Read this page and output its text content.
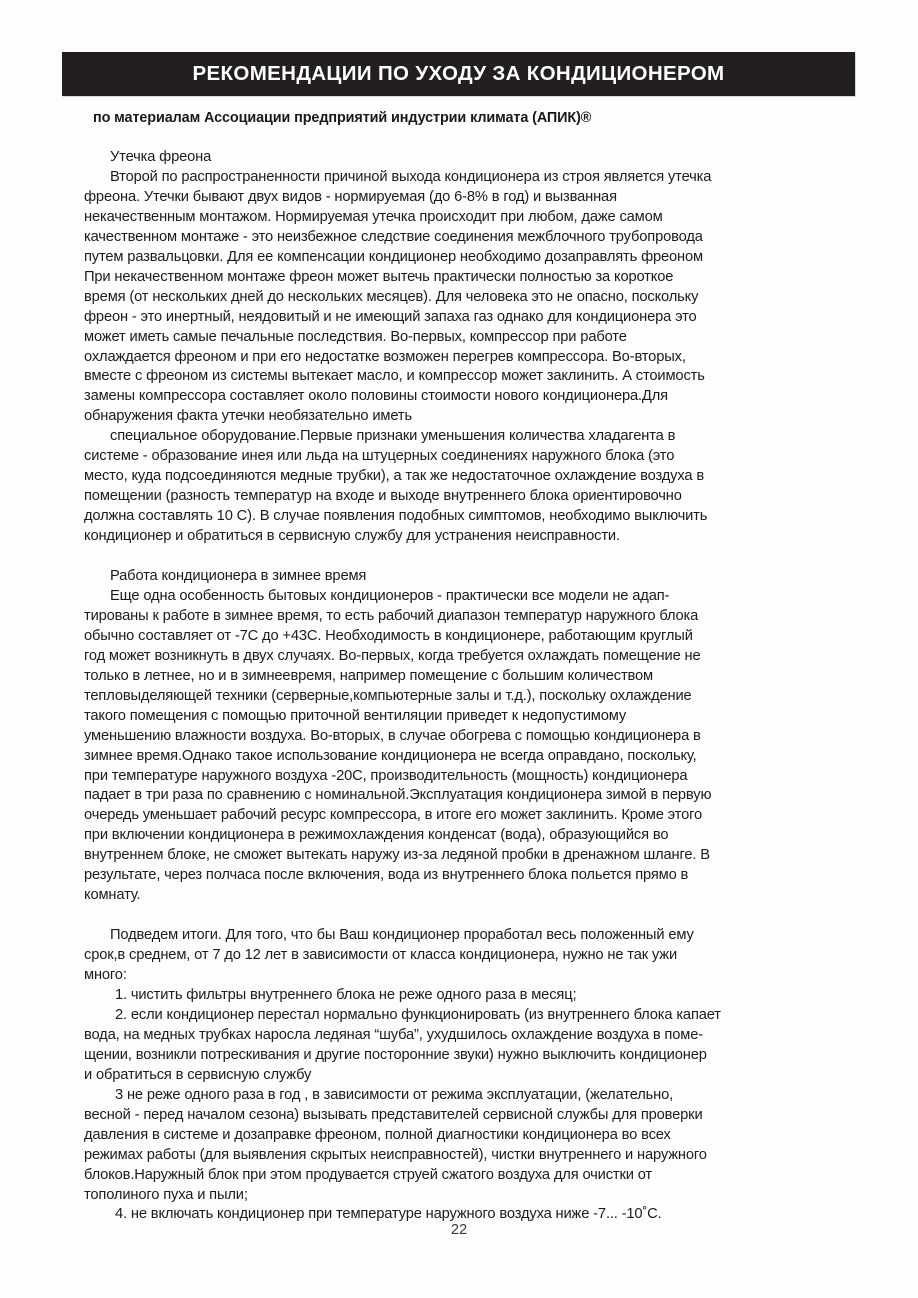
РЕКОМЕНДАЦИИ ПО УХОДУ ЗА КОНДИЦИОНЕРОМ
по материалам Ассоциации предприятий индустрии климата (АПИК)®
Утечка фреона
Второй по распространенности причиной выхода кондиционера из строя является утечка
фреона. Утечки бывают двух видов - нормируемая (до 6-8% в год) и вызванная
некачественным монтажом. Нормируемая утечка происходит при любом, даже самом
качественном монтаже - это неизбежное следствие соединения межблочного трубопровода
путем развальцовки. Для ее компенсации кондиционер необходимо дозаправлять фреоном
При некачественном монтаже фреон может вытечь практически полностью за короткое
время (от нескольких дней до нескольких месяцев). Для человека это не опасно, поскольку
фреон - это инертный, неядовитый и не имеющий запаха газ однако для кондиционера это
может иметь самые печальные последствия. Во-первых, компрессор при работе
охлаждается фреоном и при его недостатке возможен перегрев компрессора. Во-вторых,
вместе с фреоном из системы вытекает масло, и компрессор может заклинить. А стоимость
замены компрессора составляет около половины стоимости нового кондиционера.Для
обнаружения факта утечки необязательно иметь
специальное оборудование.Первые признаки уменьшения количества хладагента в
системе - образование инея или льда на штуцерных соединениях наружного блока (это
место, куда подсоединяются медные трубки), а так же недостаточное охлаждение воздуха в
помещении (разность температур на входе и выходе внутреннего блока ориентировочно
должна составлять 10 С). В случае появления подобных симптомов, необходимо выключить
кондиционер и обратиться в сервисную службу для устранения неисправности.
Работа кондиционера в зимнее время
Еще одна особенность бытовых кондиционеров - практически все модели не адап-
тированы к работе в зимнее время, то есть рабочий диапазон температур наружного блока
обычно составляет от -7С до +43С. Необходимость в кондиционере, работающим круглый
год может возникнуть в двух случаях. Во-первых, когда требуется охлаждать помещение не
только в летнее, но и в зимнеевремя, например помещение с большим количеством
тепловыделяющей техники (серверные,компьютерные залы и т.д.), поскольку охлаждение
такого помещения с помощью приточной вентиляции приведет к недопустимому
уменьшению влажности воздуха. Во-вторых, в случае обогрева с помощью кондиционера в
зимнее время.Однако такое использование кондиционера не всегда оправдано, поскольку,
при температуре наружного воздуха -20С, производительность (мощность) кондиционера
падает в три раза по сравнению с номинальной.Эксплуатация кондиционера зимой в первую
очередь уменьшает рабочий ресурс компрессора, в итоге его может заклинить. Кроме этого
при включении кондиционера в режимохлаждения конденсат (вода), образующийся во
внутреннем блоке, не сможет вытекать наружу из-за ледяной пробки в дренажном шланге. В
результате, через полчаса после включения, вода из внутреннего блока польется прямо в
комнату.
Подведем итоги. Для того, что бы Ваш кондиционер проработал весь положенный ему
срок,в среднем, от 7 до 12 лет в зависимости от класса кондиционера, нужно не так ужи
много:
1. чистить фильтры внутреннего блока не реже одного раза в месяц;
2. если кондиционер перестал нормально функционировать (из внутреннего блока капает
вода, на медных трубках наросла ледяная “шуба”, ухудшилось охлаждение воздуха в поме-
щении, возникли потрескивания и другие посторонние звуки) нужно выключить кондиционер
и обратиться в сервисную службу
3 не реже одного раза в год , в зависимости от режима эксплуатации, (желательно,
весной - перед началом сезона) вызывать представителей сервисной службы для проверки
давления в системе и дозаправке фреоном, полной диагностики кондиционера во всех
режимах работы (для выявления скрытых неисправностей), чистки внутреннего и наружного
блоков.Наружный блок при этом продувается струей сжатого воздуха для очистки от
тополиного пуха и пыли;
4. не включать кондиционер при температуре наружного воздуха ниже -7... -10˚С.
22
